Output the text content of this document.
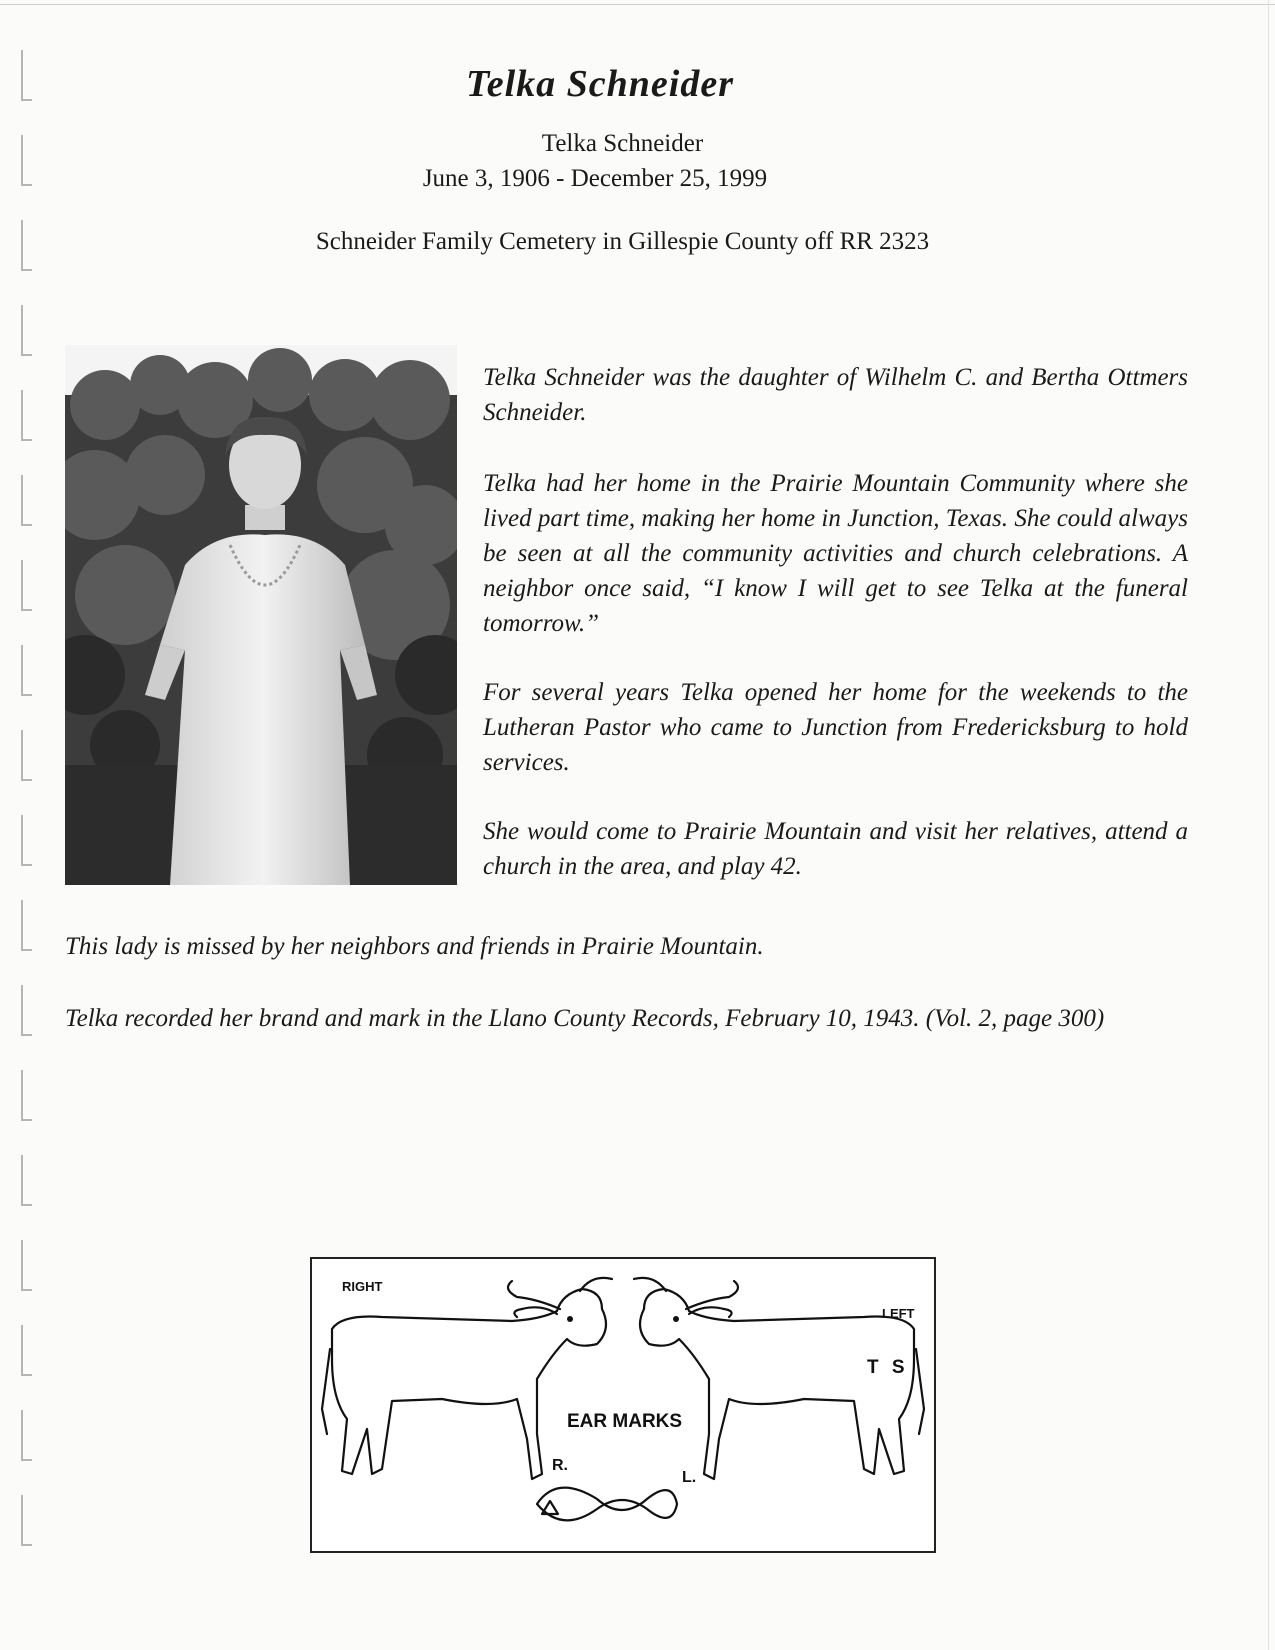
Telka Schneider
Telka Schneider
June 3, 1906 - December 25, 1999
Schneider Family Cemetery in Gillespie County off RR 2323

Telka Schneider was the daughter of Wilhelm C. and Bertha Ottmers Schneider.

Telka had her home in the Prairie Mountain Community where she lived part time, making her home in Junction, Texas. She could always be seen at all the community activities and church celebrations. A neighbor once said, “I know I will get to see Telka at the funeral tomorrow.”

For several years Telka opened her home for the weekends to the Lutheran Pastor who came to Junction from Fredericksburg to hold services.

She would come to Prairie Mountain and visit her relatives, attend a church in the area, and play 42.

This lady is missed by her neighbors and friends in Prairie Mountain.

Telka recorded her brand and mark in the Llano County Records, February 10, 1943. (Vol. 2, page 300)

RIGHT
LEFT
T S
EAR MARKS
R.
L.
